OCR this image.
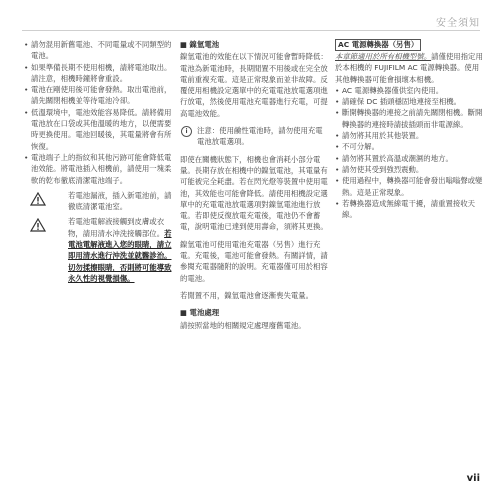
安全須知
• 請勿混用新舊電池、不同電量或不同類型的電池。
• 如果準備長期不使用相機，請將電池取出。請注意，相機時鐘將會重設。
• 電池在剛使用後可能會發熱。取出電池前，請先關閉相機並等待電池冷卻。
• 低溫環境中，電池效能容易降低。請將備用電池放在口袋或其他溫暖的地方，以便需要時更換使用。電池回暖後，其電量將會有所恢復。
• 電池端子上的指紋和其他污跡可能會降低電池效能。將電池插入相機前，請使用一塊柔軟的乾布徹底清潔電池端子。

若電池漏液，插入新電池前，請徹底清潔電池室。

若電池電解液接觸到皮膚或衣物，請用清水沖洗接觸部位。若電池電解液進入您的眼睛，請立即用清水進行沖洗並就醫診治。切勿揉擦眼睛，否則將可能導致永久性的視覺損傷。

■ 鎳氫電池

鎳氫電池的效能在以下情況可能會暫時降低：電池為新電池時，長期閒置不用後或在完全放電前重複充電。這是正常現象而並非故障。反覆使用相機設定選單中的充電電池放電選項進行放電，然後使用電池充電器進行充電，可提高電池效能。

i	注意：使用鹼性電池時，請勿使用充電電池放電選項。

即使在關機狀態下，相機也會消耗小部分電量。長期存放在相機中的鎳氫電池，其電量有可能被完全耗盡。若在閃光燈等裝置中使用電池，其效能也可能會降低。請使用相機設定選單中的充電電池放電選項對鎳氫電池進行放電。若即使反復放電充電後，電池仍不會蓄電，說明電池已達到使用壽命，須將其更換。

鎳氫電池可使用電池充電器（另售）進行充電。充電後，電池可能會發熱。有關詳情，請參閱充電器隨附的說明。充電器僅可用於相容的電池。

若閒置不用，鎳氫電池會逐漸喪失電量。

■ 電池處理

請按照當地的相關規定處理廢舊電池。

AC 電源轉換器（另售）

本章節適用於所有相機型號。請僅使用指定用於本相機的 FUJIFILM AC 電源轉換器。使用其他轉換器可能會損壞本相機。

• AC 電源轉換器僅供室內使用。
• 請確保 DC 插頭穩固地連接至相機。
• 斷開轉換器的連接之前請先關閉相機。斷開轉換器的連接時請拔插頭而非電源線。
• 請勿將其用於其他裝置。
• 不可分解。
• 請勿將其置於高溫或潮濕的地方。
• 請勿使其受到強烈震動。
• 使用過程中，轉換器可能會發出嗡嗡聲或變熱。這是正常現象。
• 若轉換器造成無線電干擾，請重置接收天線。
vii
